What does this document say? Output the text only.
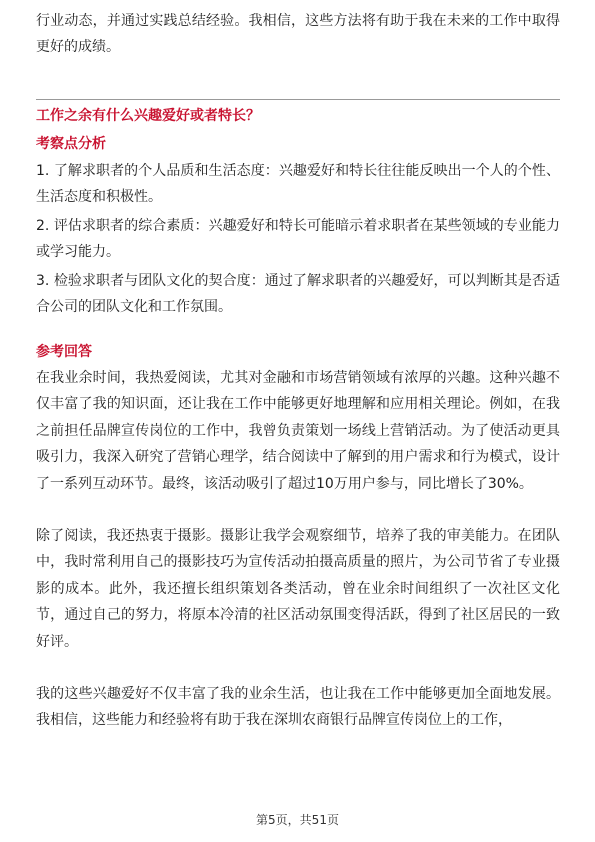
行业动态，并通过实践总结经验。我相信，这些方法将有助于我在未来的工作中取得更好的成绩。

工作之余有什么兴趣爱好或者特长？

考察点分析

1. 了解求职者的个人品质和生活态度：兴趣爱好和特长往往能反映出一个人的个性、生活态度和积极性。

2. 评估求职者的综合素质：兴趣爱好和特长可能暗示着求职者在某些领域的专业能力或学习能力。

3. 检验求职者与团队文化的契合度：通过了解求职者的兴趣爱好，可以判断其是否适合公司的团队文化和工作氛围。

参考回答

在我业余时间，我热爱阅读，尤其对金融和市场营销领域有浓厚的兴趣。这种兴趣不仅丰富了我的知识面，还让我在工作中能够更好地理解和应用相关理论。例如，在我之前担任品牌宣传岗位的工作中，我曾负责策划一场线上营销活动。为了使活动更具吸引力，我深入研究了营销心理学，结合阅读中了解到的用户需求和行为模式，设计了一系列互动环节。最终，该活动吸引了超过10万用户参与，同比增长了30%。

除了阅读，我还热衷于摄影。摄影让我学会观察细节，培养了我的审美能力。在团队中，我时常利用自己的摄影技巧为宣传活动拍摄高质量的照片，为公司节省了专业摄影的成本。此外，我还擅长组织策划各类活动，曾在业余时间组织了一次社区文化节，通过自己的努力，将原本冷清的社区活动氛围变得活跃，得到了社区居民的一致好评。

我的这些兴趣爱好不仅丰富了我的业余生活，也让我在工作中能够更加全面地发展。我相信，这些能力和经验将有助于我在深圳农商银行品牌宣传岗位上的工作，

第5页，共51页
